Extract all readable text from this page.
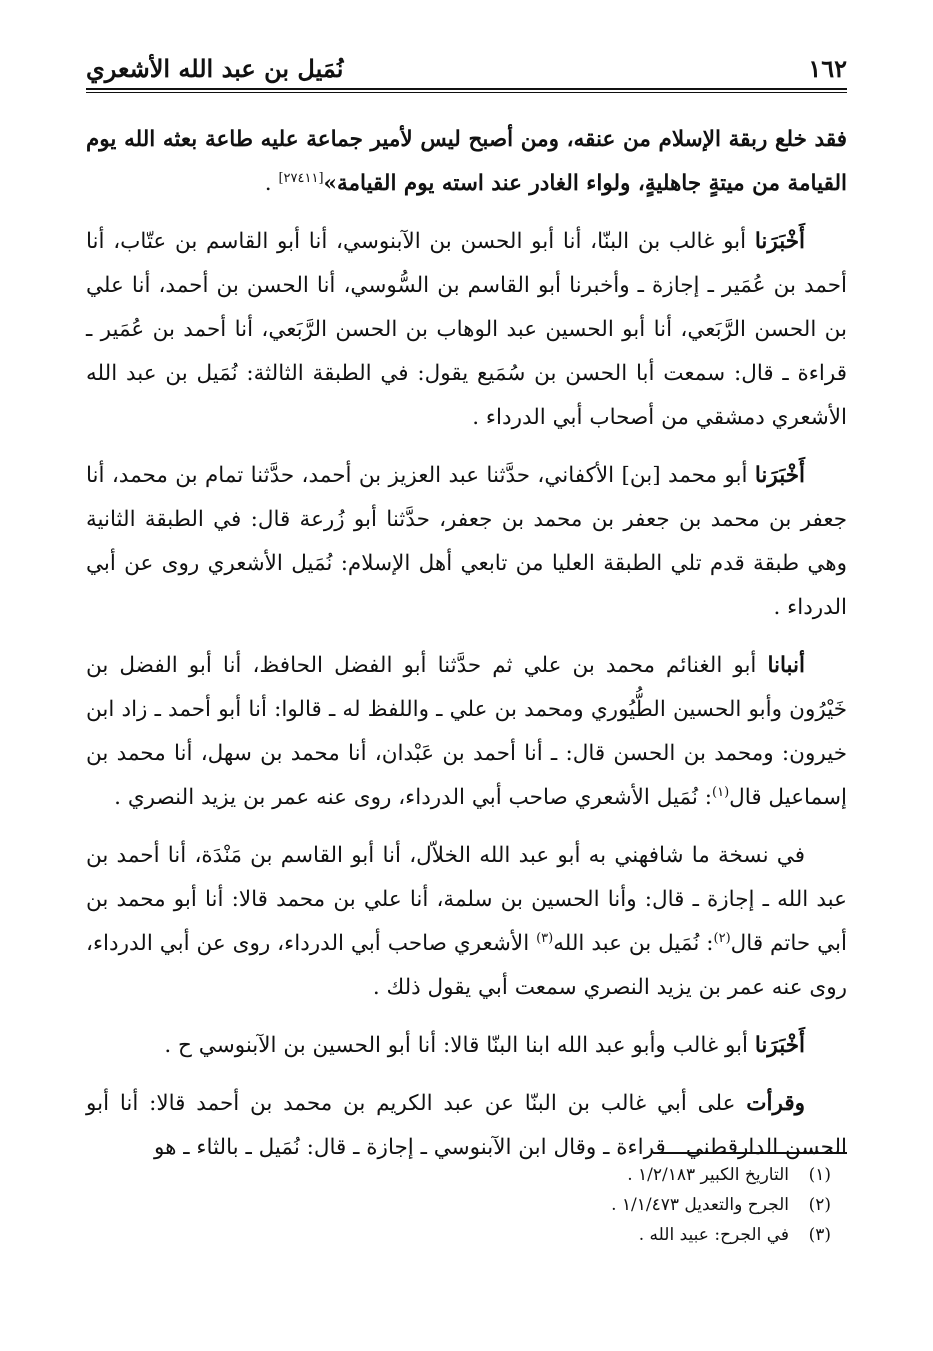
١٦٢
نُمَيل بن عبد الله الأشعري

فقد خلع ربقة الإسلام من عنقه، ومن أصبح ليس لأمير جماعة عليه طاعة بعثه الله يوم القيامة من ميتةٍ جاهليةٍ، ولواء الغادر عند استه يوم القيامة»[٢٧٤١١] .

أَخْبَرَنا أبو غالب بن البنّا، أنا أبو الحسن بن الآبنوسي، أنا أبو القاسم بن عتّاب، أنا أحمد بن عُمَير ـ إجازة ـ وأخبرنا أبو القاسم بن السُّوسي، أنا الحسن بن أحمد، أنا علي بن الحسن الرَّبَعي، أنا أبو الحسين عبد الوهاب بن الحسن الرَّبَعي، أنا أحمد بن عُمَير ـ قراءة ـ قال: سمعت أبا الحسن بن سُمَيع يقول: في الطبقة الثالثة: نُمَيل بن عبد الله الأشعري دمشقي من أصحاب أبي الدرداء .

أَخْبَرَنا أبو محمد [بن] الأكفاني، حدَّثنا عبد العزيز بن أحمد، حدَّثنا تمام بن محمد، أنا جعفر بن محمد بن جعفر بن محمد بن جعفر، حدَّثنا أبو زُرعة قال: في الطبقة الثانية وهي طبقة قدم تلي الطبقة العليا من تابعي أهل الإسلام: نُمَيل الأشعري روى عن أبي الدرداء .

أنبانا أبو الغنائم محمد بن علي ثم حدَّثنا أبو الفضل الحافظ، أنا أبو الفضل بن خَيْرُون وأبو الحسين الطُّيُوري ومحمد بن علي ـ واللفظ له ـ قالوا: أنا أبو أحمد ـ زاد ابن خيرون: ومحمد بن الحسن قال: ـ أنا أحمد بن عَبْدان، أنا محمد بن سهل، أنا محمد بن إسماعيل قال$^{(١)}$: نُمَيل الأشعري صاحب أبي الدرداء، روى عنه عمر بن يزيد النصري .

في نسخة ما شافهني به أبو عبد الله الخلاّل، أنا أبو القاسم بن مَنْدَة، أنا أحمد بن عبد الله ـ إجازة ـ قال: وأنا الحسين بن سلمة، أنا علي بن محمد قالا: أنا أبو محمد بن أبي حاتم قال$^{(٢)}$: نُمَيل بن عبد الله$^{(٣)}$ الأشعري صاحب أبي الدرداء، روى عن أبي الدرداء، روى عنه عمر بن يزيد النصري سمعت أبي يقول ذلك .

أَخْبَرَنا أبو غالب وأبو عبد الله ابنا البنّا قالا: أنا أبو الحسين بن الآبنوسي ح .

وقرأت على أبي غالب بن البنّا عن عبد الكريم بن محمد بن أحمد قالا: أنا أبو الحسن الدارقطني ـ قراءة ـ وقال ابن الآبنوسي ـ إجازة ـ قال: نُمَيل ـ بالثاء ـ هو

(١)التاريخ الكبير ١/٢/١٨٣ .

(٢)الجرح والتعديل ١/١/٤٧٣ .

(٣)في الجرح: عبيد الله .
